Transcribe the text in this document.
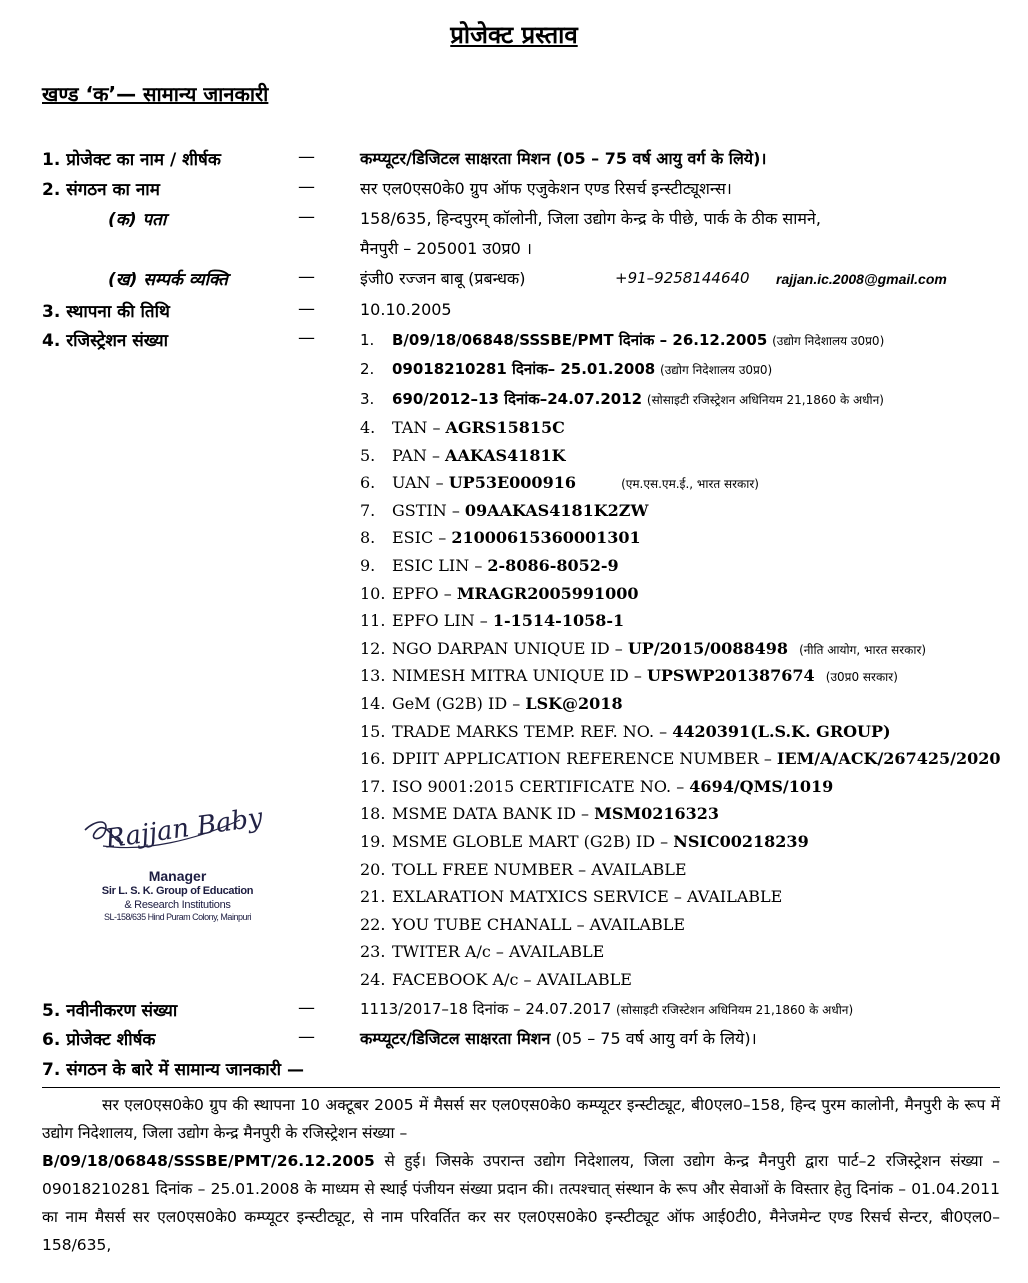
प्रोजेक्ट प्रस्ताव
खण्ड ‘क’— सामान्य जानकारी
1. प्रोजेक्ट का नाम / शीर्षक	—	कम्प्यूटर/डिजिटल साक्षरता मिशन (05 – 75 वर्ष आयु वर्ग के लिये)।
2. संगठन का नाम	—	सर एल0एस0के0 ग्रुप ऑफ एजुकेशन एण्ड रिसर्च इन्स्टीट्यूशन्स।
(क) पता	—	158/635, हिन्दपुरम् कॉलोनी, जिला उद्योग केन्द्र के पीछे, पार्क के ठीक सामने,
मैनपुरी – 205001 उ0प्र0 ।
(ख) सम्पर्क व्यक्ति	—	इंजी0 रज्जन बाबू (प्रबन्धक)	+91–9258144640 rajjan.ic.2008@gmail.com
3. स्थापना की तिथि	—	10.10.2005
4. रजिस्ट्रेशन संख्या	—	1. B/09/18/06848/SSSBE/PMT दिनांक – 26.12.2005 (उद्योग निदेशालय उ0प्र0)
2. 09018210281 दिनांक– 25.01.2008 (उद्योग निदेशालय उ0प्र0)
3. 690/2012–13 दिनांक–24.07.2012 (सोसाइटी रजिस्ट्रेशन अधिनियम 21,1860 के अधीन)
4. TAN – AGRS15815C
5. PAN – AAKAS4181K
6. UAN – UP53E000916	(एम.एस.एम.ई., भारत सरकार)
7. GSTIN – 09AAKAS4181K2ZW
8. ESIC – 21000615360001301
9. ESIC LIN – 2-8086-8052-9
10. EPFO – MRAGR2005991000
11. EPFO LIN – 1-1514-1058-1
12. NGO DARPAN UNIQUE ID – UP/2015/0088498 (नीति आयोग, भारत सरकार)
13. NIMESH MITRA UNIQUE ID – UPSWP201387674 (उ0प्र0 सरकार)
14. GeM (G2B) ID – LSK@2018
15. TRADE MARKS TEMP. REF. NO. – 4420391(L.S.K. GROUP)
16. DPIIT APPLICATION REFERENCE NUMBER – IEM/A/ACK/267425/2020
17. ISO 9001:2015 CERTIFICATE NO. – 4694/QMS/1019
18. MSME DATA BANK ID – MSM0216323
19. MSME GLOBLE MART (G2B) ID – NSIC00218239
20. TOLL FREE NUMBER – AVAILABLE
21. EXLARATION MATXICS SERVICE – AVAILABLE
22. YOU TUBE CHANALL – AVAILABLE
23. TWITER A/c – AVAILABLE
24. FACEBOOK A/c – AVAILABLE
Rajjan Baby
Manager
Sir L. S. K. Group of Education
& Research Institutions
SL-158/635 Hind Puram Colony, Mainpuri
5. नवीनीकरण संख्या	—	1113/2017–18 दिनांक – 24.07.2017 (सोसाइटी रजिस्टेशन अधिनियम 21,1860 के अधीन)
6. प्रोजेक्ट शीर्षक	—	कम्प्यूटर/डिजिटल साक्षरता मिशन (05 – 75 वर्ष आयु वर्ग के लिये)।
7. संगठन के बारे में सामान्य जानकारी —
सर एल0एस0के0 ग्रुप की स्थापना 10 अक्टूबर 2005 में मैसर्स सर एल0एस0के0 कम्प्यूटर इन्स्टीट्यूट, बी0एल0–158, हिन्द पुरम कालोनी, मैनपुरी के रूप में उद्योग निदेशालय, जिला उद्योग केन्द्र मैनपुरी के रजिस्ट्रेशन संख्या –
B/09/18/06848/SSSBE/PMT/26.12.2005 से हुई। जिसके उपरान्त उद्योग निदेशालय, जिला उद्योग केन्द्र मैनपुरी द्वारा पार्ट–2 रजिस्ट्रेशन संख्या – 09018210281 दिनांक – 25.01.2008 के माध्यम से स्थाई पंजीयन संख्या प्रदान की। तत्पश्चात् संस्थान के रूप और सेवाओं के विस्तार हेतु दिनांक – 01.04.2011 का नाम मैसर्स सर एल0एस0के0 कम्प्यूटर इन्स्टीट्यूट, से नाम परिवर्तित कर सर एल0एस0के0 इन्स्टीट्यूट ऑफ आई0टी0, मैनेजमेन्ट एण्ड रिसर्च सेन्टर, बी0एल0– 158/635,
